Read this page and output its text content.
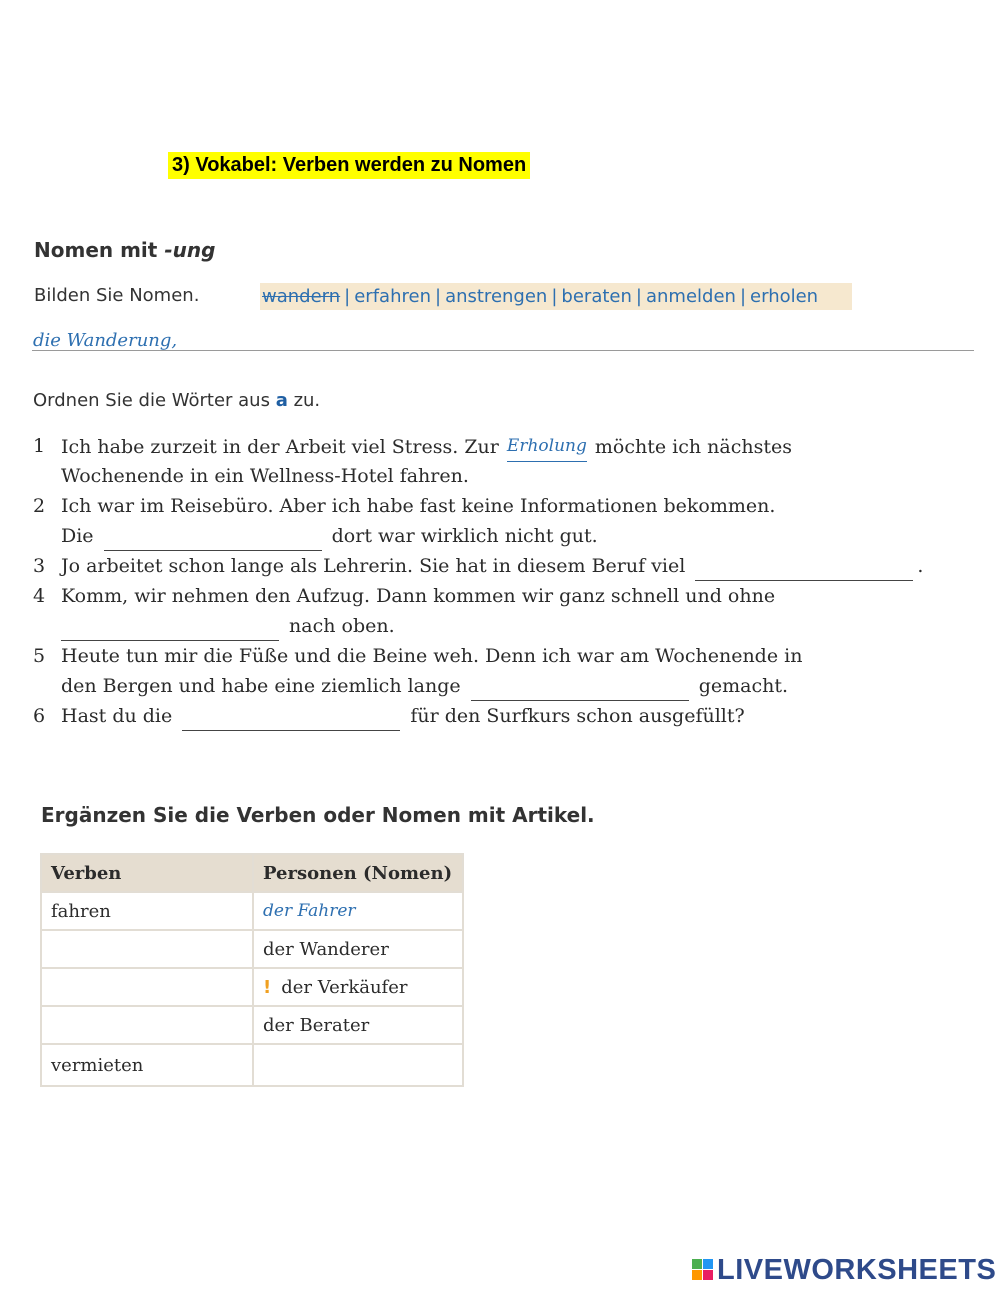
3) Vokabel: Verben werden zu Nomen
Nomen mit -ung
Bilden Sie Nomen.	wandern | erfahren | anstrengen | beraten | anmelden | erholen
die Wanderung,
Ordnen Sie die Wörter aus a zu.
1 Ich habe zurzeit in der Arbeit viel Stress. Zur Erholung möchte ich nächstes
Wochenende in ein Wellness-Hotel fahren.
2 Ich war im Reisebüro. Aber ich habe fast keine Informationen bekommen.
Die	dort war wirklich nicht gut.
3 Jo arbeitet schon lange als Lehrerin. Sie hat in diesem Beruf viel	.
4 Komm, wir nehmen den Aufzug. Dann kommen wir ganz schnell und ohne
nach oben.
5 Heute tun mir die Füße und die Beine weh. Denn ich war am Wochenende in
den Bergen und habe eine ziemlich lange	gemacht.
6 Hast du die	für den Surfkurs schon ausgefüllt?
Ergänzen Sie die Verben oder Nomen mit Artikel.
Verben	Personen (Nomen)
fahren	der Fahrer
	der Wanderer
	! der Verkäufer
	der Berater
vermieten	
LIVEWORKSHEETS
